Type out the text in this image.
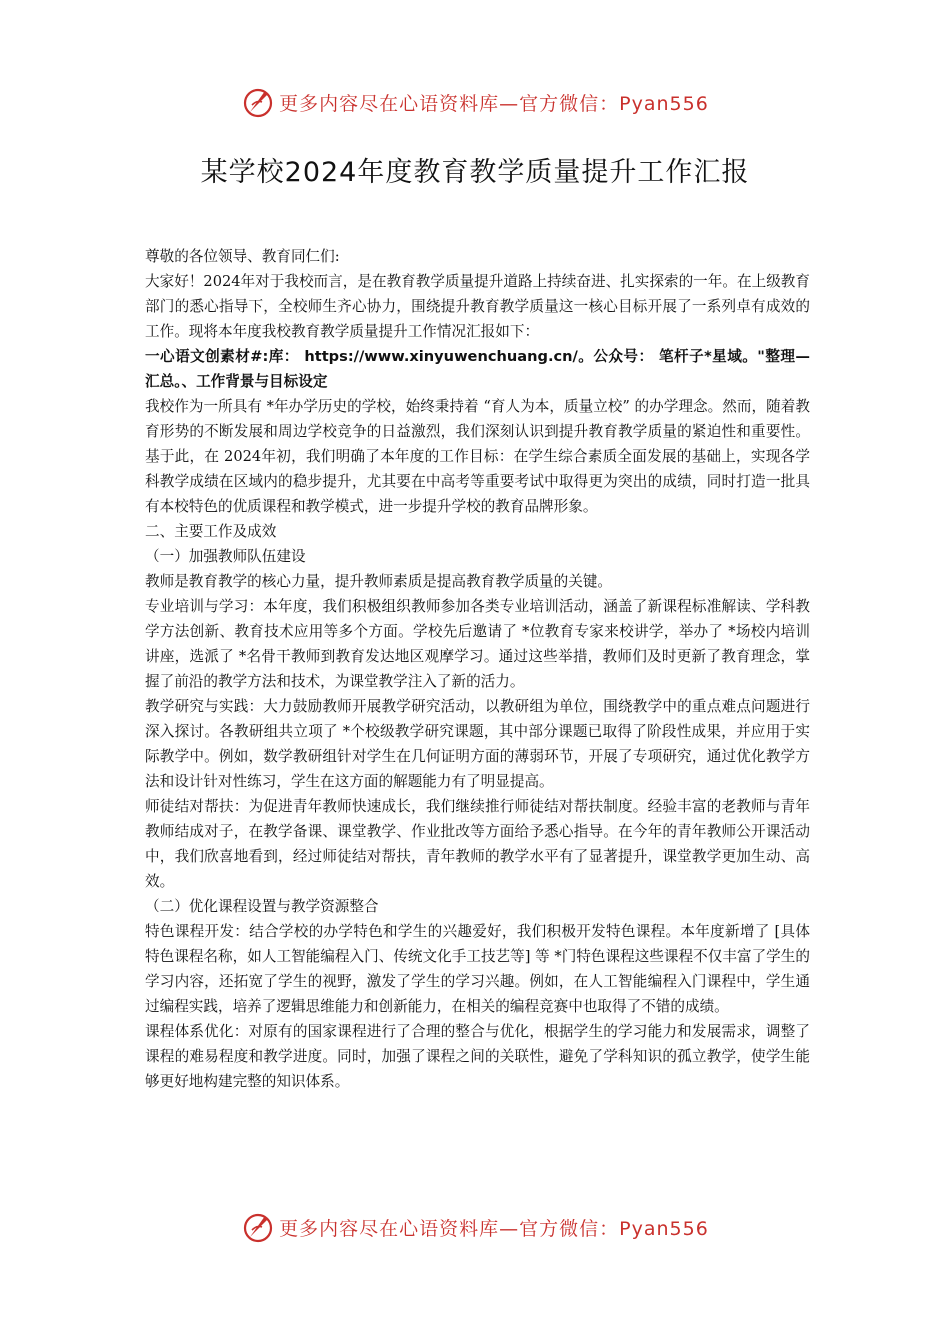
更多内容尽在心语资料库—官方微信：Pyan556
某学校2024年度教育教学质量提升工作汇报

尊敬的各位领导、教育同仁们:

大家好！2024年对于我校而言，是在教育教学质量提升道路上持续奋进、扎实探索的一年。在上级教育部门的悉心指导下，全校师生齐心协力，围绕提升教育教学质量这一核心目标开展了一系列卓有成效的工作。现将本年度我校教育教学质量提升工作情况汇报如下：

一心语文创素材#:库： https://www.xinyuwenchuang.cn/。公众号： 笔杆子*星域。"整理—汇总。、工作背景与目标设定

我校作为一所具有 *年办学历史的学校，始终秉持着 “育人为本，质量立校” 的办学理念。然而，随着教育形势的不断发展和周边学校竞争的日益激烈，我们深刻认识到提升教育教学质量的紧迫性和重要性。基于此，在 2024年初，我们明确了本年度的工作目标：在学生综合素质全面发展的基础上，实现各学科教学成绩在区域内的稳步提升，尤其要在中高考等重要考试中取得更为突出的成绩，同时打造一批具有本校特色的优质课程和教学模式，进一步提升学校的教育品牌形象。

二、主要工作及成效

（一）加强教师队伍建设

教师是教育教学的核心力量，提升教师素质是提高教育教学质量的关键。

专业培训与学习：本年度，我们积极组织教师参加各类专业培训活动，涵盖了新课程标准解读、学科教学方法创新、教育技术应用等多个方面。学校先后邀请了 *位教育专家来校讲学，举办了 *场校内培训讲座，选派了 *名骨干教师到教育发达地区观摩学习。通过这些举措，教师们及时更新了教育理念，掌握了前沿的教学方法和技术，为课堂教学注入了新的活力。

教学研究与实践：大力鼓励教师开展教学研究活动，以教研组为单位，围绕教学中的重点难点问题进行深入探讨。各教研组共立项了 *个校级教学研究课题，其中部分课题已取得了阶段性成果，并应用于实际教学中。例如，数学教研组针对学生在几何证明方面的薄弱环节，开展了专项研究，通过优化教学方法和设计针对性练习，学生在这方面的解题能力有了明显提高。

师徒结对帮扶：为促进青年教师快速成长，我们继续推行师徒结对帮扶制度。经验丰富的老教师与青年教师结成对子，在教学备课、课堂教学、作业批改等方面给予悉心指导。在今年的青年教师公开课活动中，我们欣喜地看到，经过师徒结对帮扶，青年教师的教学水平有了显著提升，课堂教学更加生动、高效。

（二）优化课程设置与教学资源整合

特色课程开发：结合学校的办学特色和学生的兴趣爱好，我们积极开发特色课程。本年度新增了 [具体特色课程名称，如人工智能编程入门、传统文化手工技艺等] 等 *门特色课程这些课程不仅丰富了学生的学习内容，还拓宽了学生的视野，激发了学生的学习兴趣。例如，在人工智能编程入门课程中，学生通过编程实践，培养了逻辑思维能力和创新能力，在相关的编程竞赛中也取得了不错的成绩。

课程体系优化：对原有的国家课程进行了合理的整合与优化，根据学生的学习能力和发展需求，调整了课程的难易程度和教学进度。同时，加强了课程之间的关联性，避免了学科知识的孤立教学，使学生能够更好地构建完整的知识体系。

更多内容尽在心语资料库—官方微信：Pyan556
